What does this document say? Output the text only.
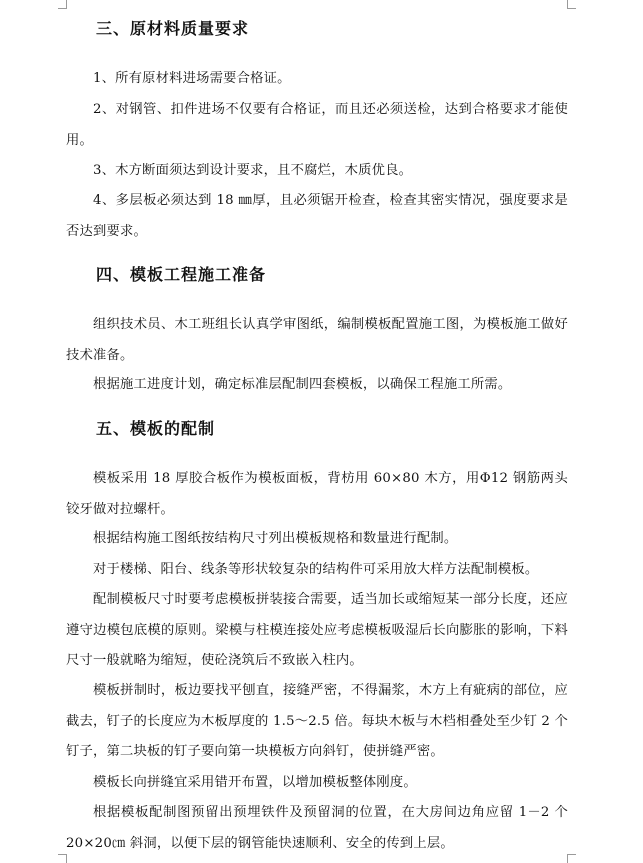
三、原材料质量要求

1、所有原材料进场需要合格证。

2、对钢管、扣件进场不仅要有合格证，而且还必须送检，达到合格要求才能使用。

3、木方断面须达到设计要求，且不腐烂，木质优良。

4、多层板必须达到 18 ㎜厚，且必须锯开检查，检查其密实情况，强度要求是否达到要求。

四、模板工程施工准备

组织技术员、木工班组长认真学审图纸，编制模板配置施工图，为模板施工做好技术准备。

根据施工进度计划，确定标准层配制四套模板，以确保工程施工所需。

五、模板的配制

模板采用 18 厚胶合板作为模板面板，背枋用 60×80 木方，用Φ12 钢筋两头铰牙做对拉螺杆。

根据结构施工图纸按结构尺寸列出模板规格和数量进行配制。

对于楼梯、阳台、线条等形状较复杂的结构件可采用放大样方法配制模板。

配制模板尺寸时要考虑模板拼装接合需要，适当加长或缩短某一部分长度，还应遵守边模包底模的原则。梁模与柱模连接处应考虑模板吸湿后长向膨胀的影响，下料尺寸一般就略为缩短，使砼浇筑后不致嵌入柱内。

模板拼制时，板边要找平刨直，接缝严密，不得漏浆，木方上有疵病的部位，应截去，钉子的长度应为木板厚度的 1.5～2.5 倍。每块木板与木档相叠处至少钉 2 个钉子，第二块板的钉子要向第一块模板方向斜钉，使拼缝严密。

模板长向拼缝宜采用错开布置，以增加模板整体刚度。

根据模板配制图预留出预埋铁件及预留洞的位置，在大房间边角应留 1－2 个 20×20㎝ 斜洞，以便下层的钢管能快速顺利、安全的传到上层。
